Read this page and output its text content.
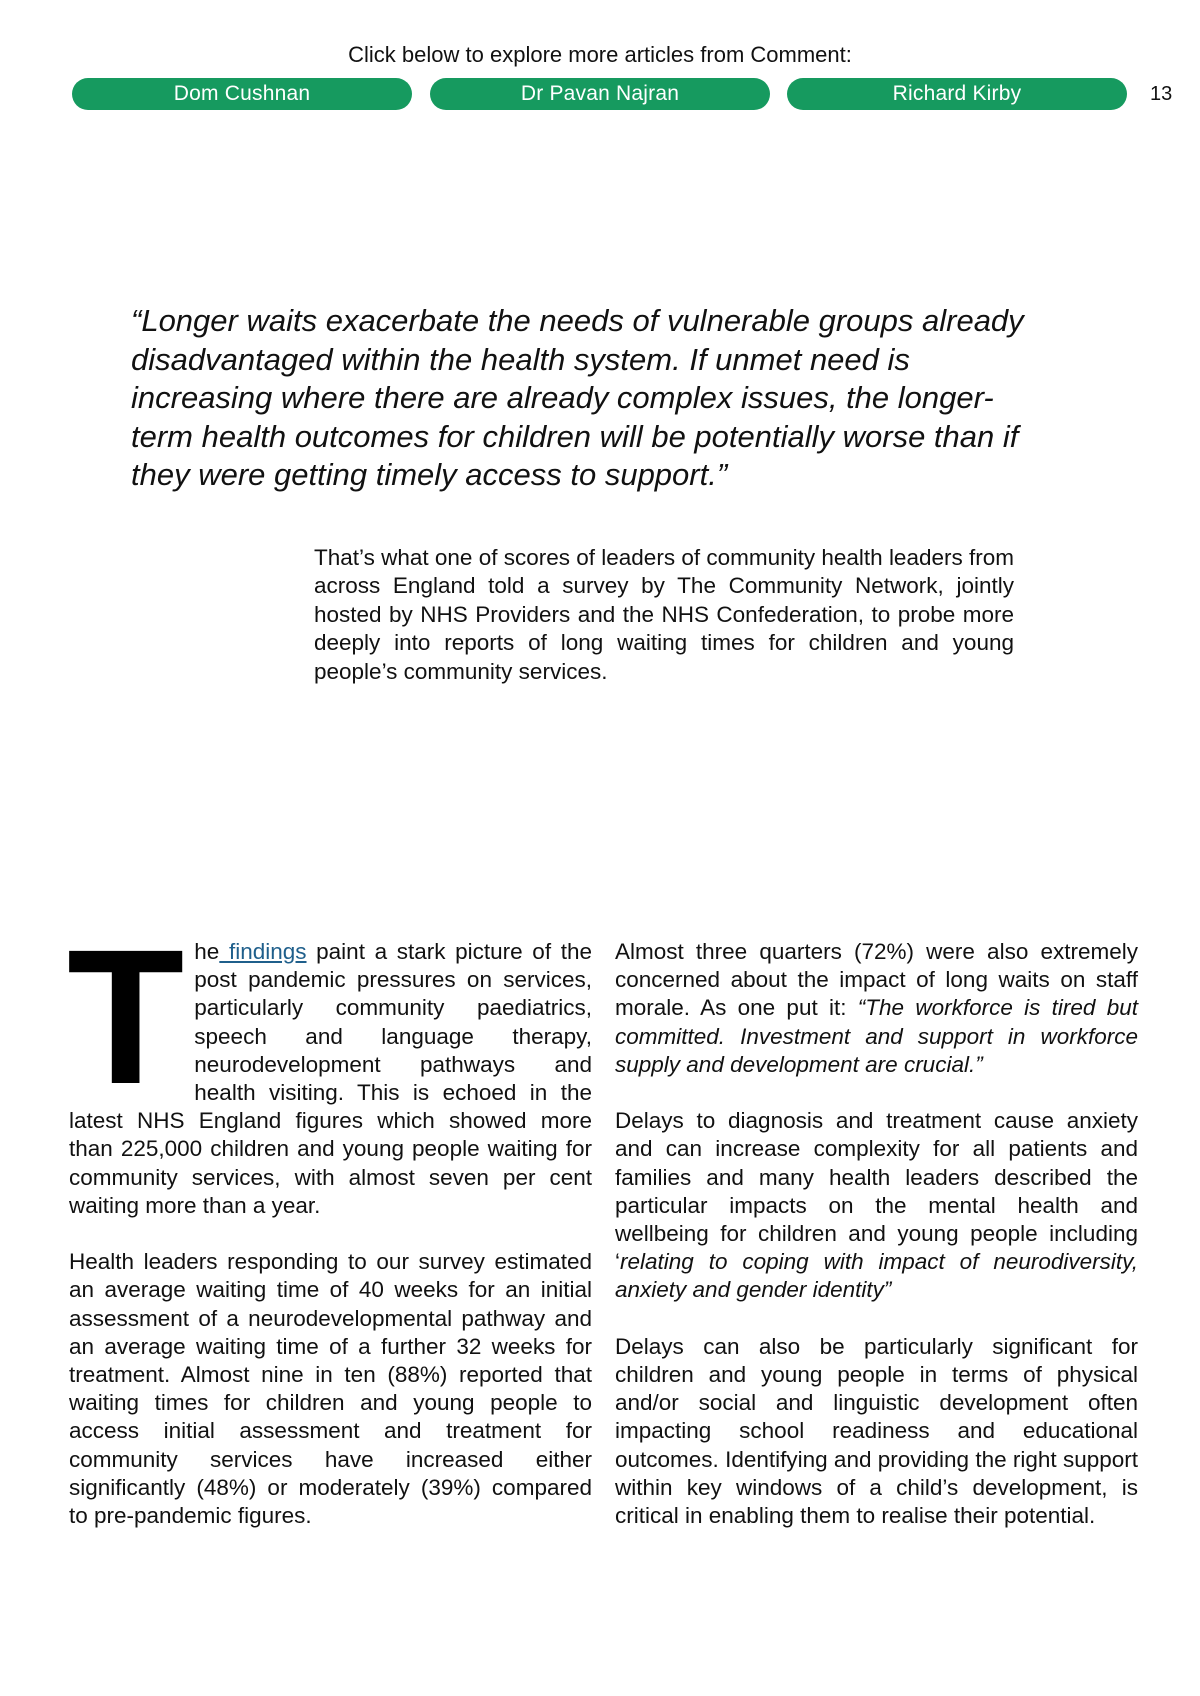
Click below to explore more articles from Comment:
Dom Cushnan	Dr Pavan Najran	Richard Kirby	13
“Longer waits exacerbate the needs of vulnerable groups already disadvantaged within the health system. If unmet need is increasing where there are already complex issues, the longer-term health outcomes for children will be potentially worse than if they were getting timely access to support.”
That’s what one of scores of leaders of community health leaders from across England told a survey by The Community Network, jointly hosted by NHS Providers and the NHS Confederation, to probe more deeply into reports of long waiting times for children and young people’s community services.

The findings paint a stark picture of the post pandemic pressures on services, particularly community paediatrics, speech and language therapy, neurodevelopment pathways and health visiting. This is echoed in the latest NHS England figures which showed more than 225,000 children and young people waiting for community services, with almost seven per cent waiting more than a year.

Health leaders responding to our survey estimated an average waiting time of 40 weeks for an initial assessment of a neurodevelopmental pathway and an average waiting time of a further 32 weeks for treatment. Almost nine in ten (88%) reported that waiting times for children and young people to access initial assessment and treatment for community services have increased either significantly (48%) or moderately (39%) compared to pre-pandemic figures.

Almost three quarters (72%) were also extremely concerned about the impact of long waits on staff morale. As one put it: “The workforce is tired but committed. Investment and support in workforce supply and development are crucial.”

Delays to diagnosis and treatment cause anxiety and can increase complexity for all patients and families and many health leaders described the particular impacts on the mental health and wellbeing for children and young people including ‘relating to coping with impact of neurodiversity, anxiety and gender identity”

Delays can also be particularly significant for children and young people in terms of physical and/or social and linguistic development often impacting school readiness and educational outcomes. Identifying and providing the right support within key windows of a child’s development, is critical in enabling them to realise their potential.
